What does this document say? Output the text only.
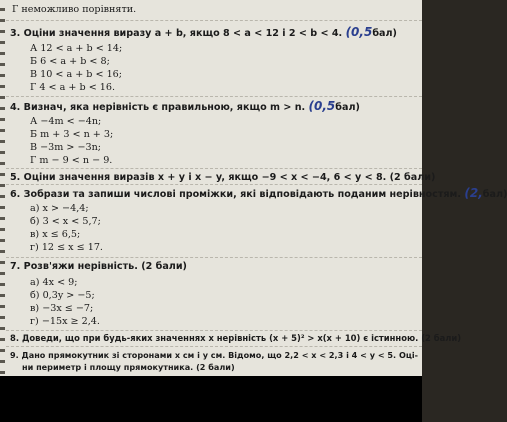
Г неможливо порівняти.
3. Оціни значення виразу a + b, якщо 8 < a < 12 і 2 < b < 4. (0,5бал)
А 12 < a + b < 14;
Б 6 < a + b < 8;
В 10 < a + b < 16;
Г 4 < a + b < 16.
4. Визнач, яка нерівність є правильною, якщо m > n. (0,5бал)
А −4m < −4n;
Б m + 3 < n + 3;
В −3m > −3n;
Г m − 9 < n − 9.
5. Оціни значення виразів x + y і x − y, якщо −9 < x < −4, 6 < y < 8. (2 бали)
6. Зобрази та запиши числові проміжки, які відповідають поданим нерівностям. (2,бал)
а) x > −4,4;
б) 3 < x < 5,7;
в) x ≤ 6,5;
г) 12 ≤ x ≤ 17.
7. Розв'яжи нерівність. (2 бали)
а) 4x < 9;
б) 0,3y > −5;
в) −3x ≤ −7;
г) −15x ≥ 2,4.
8. Доведи, що при будь-яких значеннях x нерівність (x + 5)² > x(x + 10) є істинною. (2 бали)
9. Дано прямокутник зі сторонами x см і y см. Відомо, що 2,2 < x < 2,3 і 4 < y < 5. Оці-
ни периметр і площу прямокутника. (2 бали)
